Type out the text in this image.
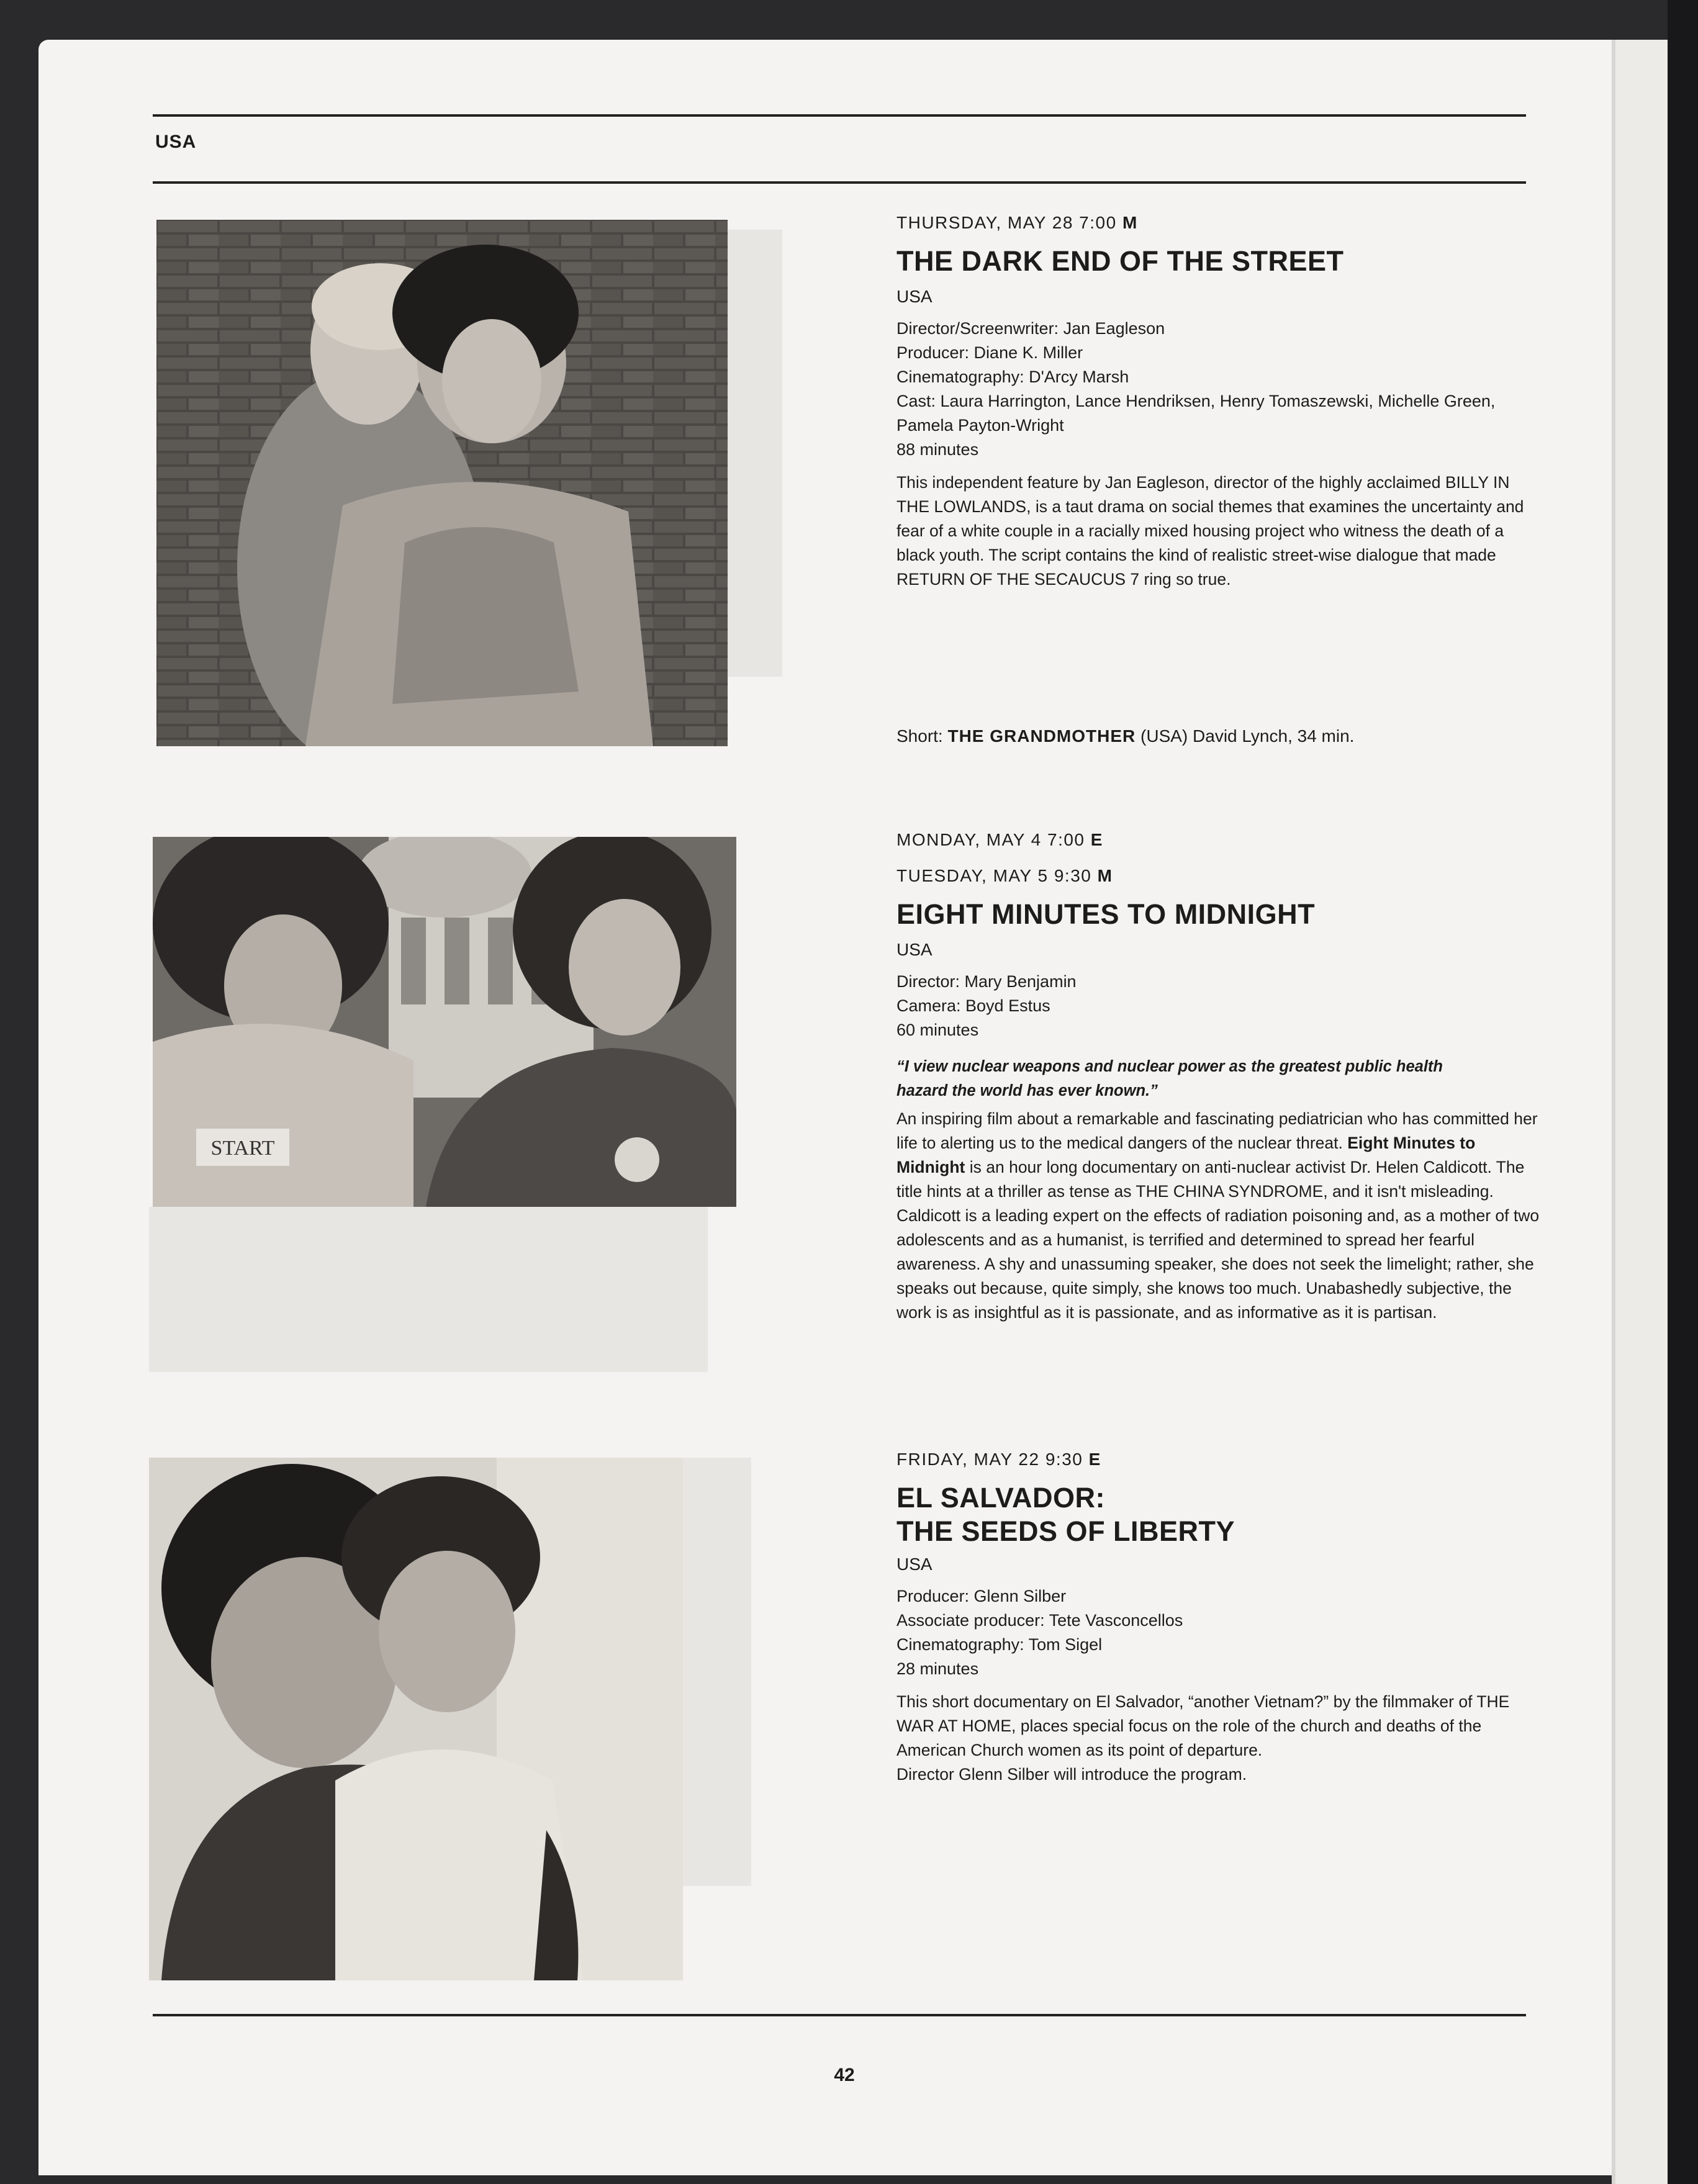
USA
THURSDAY, MAY 28 7:00 M
THE DARK END OF THE STREET
USA
Director/Screenwriter: Jan Eagleson
Producer: Diane K. Miller
Cinematography: D'Arcy Marsh
Cast: Laura Harrington, Lance Hendriksen, Henry Tomaszewski, Michelle Green, Pamela Payton-Wright
88 minutes
This independent feature by Jan Eagleson, director of the highly acclaimed BILLY IN THE LOWLANDS, is a taut drama on social themes that examines the uncertainty and fear of a white couple in a racially mixed housing project who witness the death of a black youth. The script contains the kind of realistic street-wise dialogue that made RETURN OF THE SECAUCUS 7 ring so true.
Short: THE GRANDMOTHER (USA) David Lynch, 34 min.
START
MONDAY, MAY 4 7:00 E
TUESDAY, MAY 5 9:30 M
EIGHT MINUTES TO MIDNIGHT
USA
Director: Mary Benjamin
Camera: Boyd Estus
60 minutes
“I view nuclear weapons and nuclear power as the greatest public health hazard the world has ever known.”
An inspiring film about a remarkable and fascinating pediatrician who has committed her life to alerting us to the medical dangers of the nuclear threat. Eight Minutes to Midnight is an hour long documentary on anti-nuclear activist Dr. Helen Caldicott. The title hints at a thriller as tense as THE CHINA SYNDROME, and it isn't misleading. Caldicott is a leading expert on the effects of radiation poisoning and, as a mother of two adolescents and as a humanist, is terrified and determined to spread her fearful awareness. A shy and unassuming speaker, she does not seek the limelight; rather, she speaks out because, quite simply, she knows too much. Unabashedly subjective, the work is as insightful as it is passionate, and as informative as it is partisan.
FRIDAY, MAY 22 9:30 E
EL SALVADOR:
THE SEEDS OF LIBERTY
USA
Producer: Glenn Silber
Associate producer: Tete Vasconcellos
Cinematography: Tom Sigel
28 minutes
This short documentary on El Salvador, “another Vietnam?” by the filmmaker of THE WAR AT HOME, places special focus on the role of the church and deaths of the American Church women as its point of departure.
Director Glenn Silber will introduce the program.
42
